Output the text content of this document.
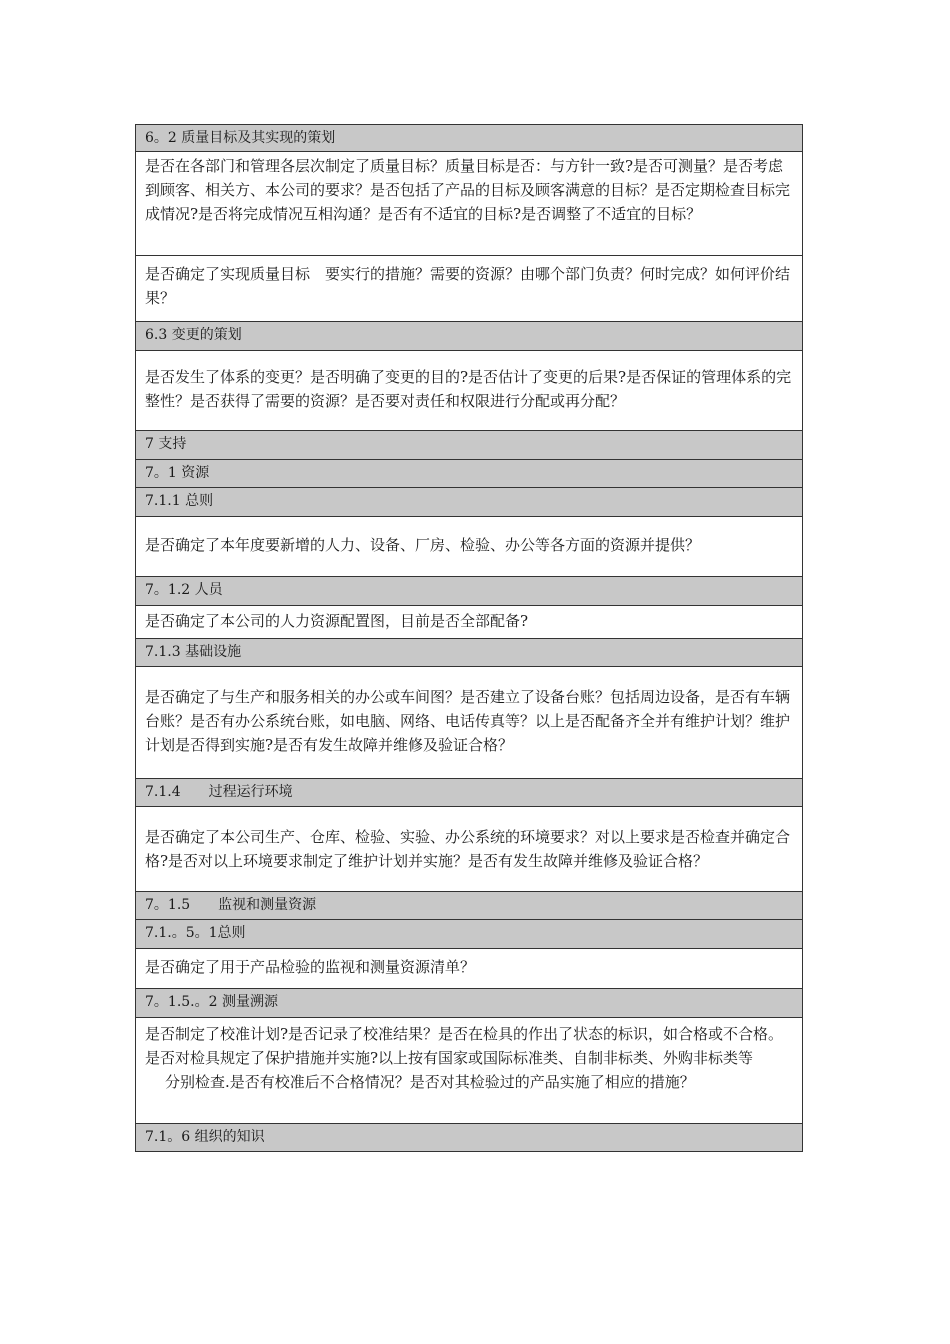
6。2 质量目标及其实现的策划
是否在各部门和管理各层次制定了质量目标？质量目标是否：与方针一致?是否可测量？是否考虑到顾客、相关方、本公司的要求？是否包括了产品的目标及顾客满意的目标？是否定期检查目标完成情况?是否将完成情况互相沟通？是否有不适宜的目标?是否调整了不适宜的目标？
是否确定了实现质量目标　要实行的措施？需要的资源？由哪个部门负责？何时完成？如何评价结果？
6.3 变更的策划
是否发生了体系的变更？是否明确了变更的目的?是否估计了变更的后果?是否保证的管理体系的完整性？是否获得了需要的资源？是否要对责任和权限进行分配或再分配？
7 支持
7。1 资源
7.1.1 总则
是否确定了本年度要新增的人力、设备、厂房、检验、办公等各方面的资源并提供？
7。1.2 人员
是否确定了本公司的人力资源配置图，目前是否全部配备?
7.1.3 基础设施
是否确定了与生产和服务相关的办公或车间图？是否建立了设备台账？包括周边设备，是否有车辆台账？是否有办公系统台账，如电脑、网络、电话传真等？以上是否配备齐全并有维护计划？维护计划是否得到实施?是否有发生故障并维修及验证合格？
7.1.4　　过程运行环境
是否确定了本公司生产、仓库、检验、实验、办公系统的环境要求？对以上要求是否检查并确定合格?是否对以上环境要求制定了维护计划并实施？是否有发生故障并维修及验证合格？
7。1.5　　监视和测量资源
7.1.。5。1总则
是否确定了用于产品检验的监视和测量资源清单？
7。1.5.。2 测量溯源
是否制定了校准计划?是否记录了校准结果？是否在检具的作出了状态的标识，如合格或不合格。是否对检具规定了保护措施并实施?以上按有国家或国际标准类、自制非标类、外购非标类等
分别检查.是否有校准后不合格情况？是否对其检验过的产品实施了相应的措施？
7.1。6 组织的知识
